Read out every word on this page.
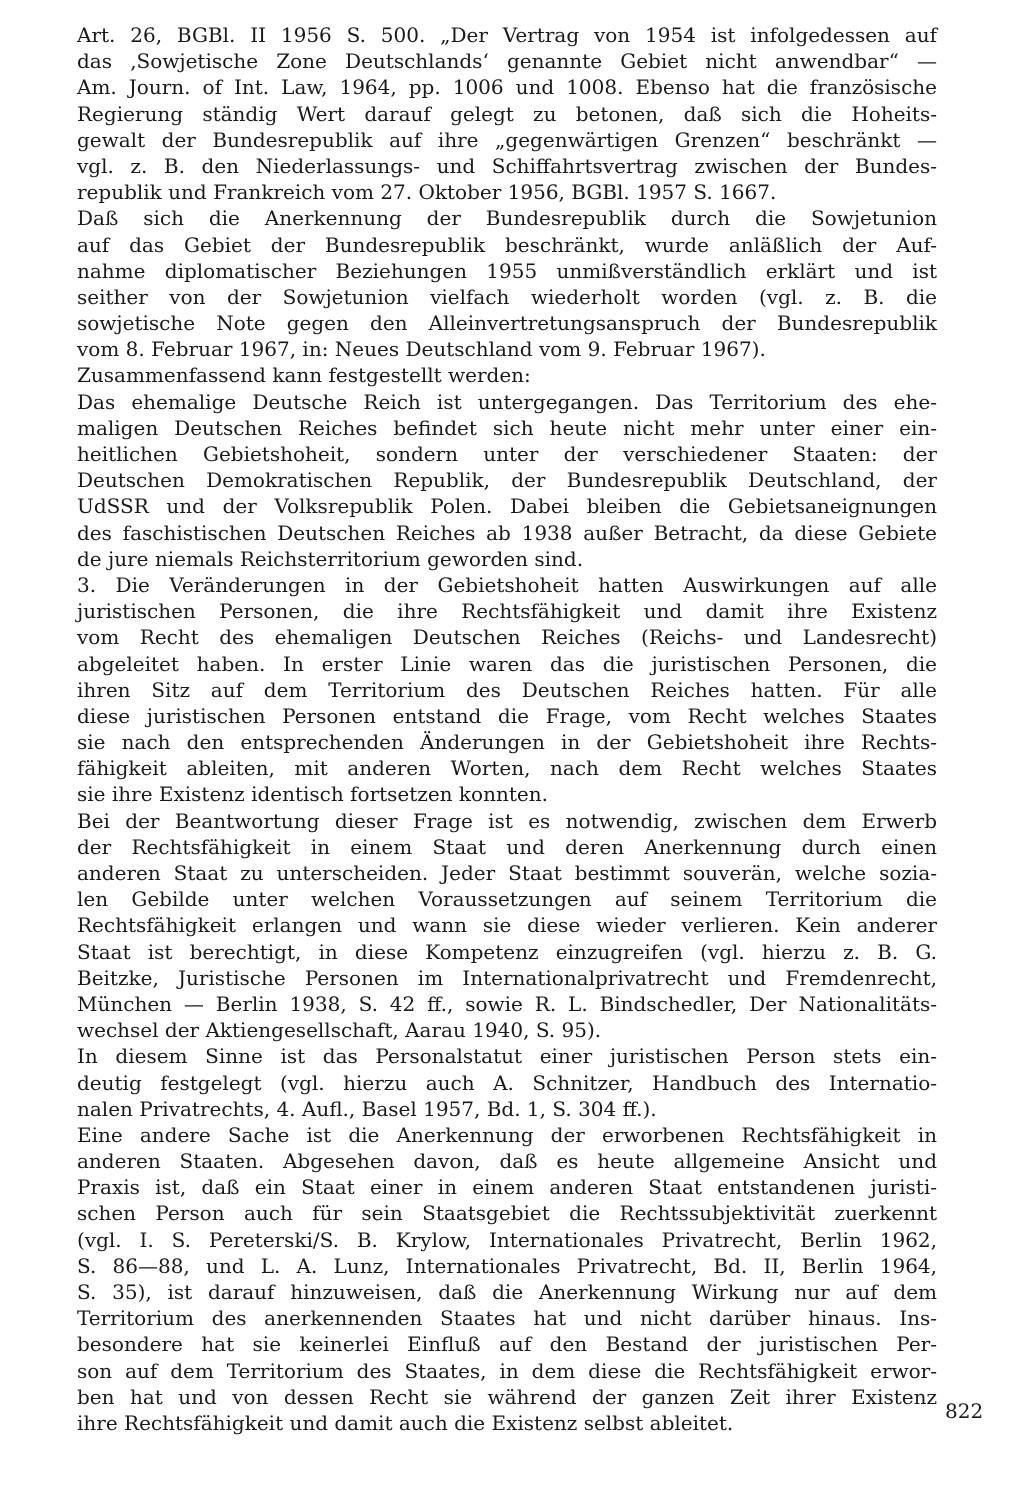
Art. 26, BGBl. II 1956 S. 500. „Der Vertrag von 1954 ist infolgedessen auf
das ‚Sowjetische Zone Deutschlands‘ genannte Gebiet nicht anwendbar“ —
Am. Journ. of Int. Law, 1964, pp. 1006 und 1008. Ebenso hat die französische
Regierung ständig Wert darauf gelegt zu betonen, daß sich die Hoheits-
gewalt der Bundesrepublik auf ihre „gegenwärtigen Grenzen“ beschränkt —
vgl. z. B. den Niederlassungs- und Schiffahrtsvertrag zwischen der Bundes-
republik und Frankreich vom 27. Oktober 1956, BGBl. 1957 S. 1667.
Daß sich die Anerkennung der Bundesrepublik durch die Sowjetunion
auf das Gebiet der Bundesrepublik beschränkt, wurde anläßlich der Auf-
nahme diplomatischer Beziehungen 1955 unmißverständlich erklärt und ist
seither von der Sowjetunion vielfach wiederholt worden (vgl. z. B. die
sowjetische Note gegen den Alleinvertretungsanspruch der Bundesrepublik
vom 8. Februar 1967, in: Neues Deutschland vom 9. Februar 1967).
Zusammenfassend kann festgestellt werden:
Das ehemalige Deutsche Reich ist untergegangen. Das Territorium des ehe-
maligen Deutschen Reiches befindet sich heute nicht mehr unter einer ein-
heitlichen Gebietshoheit, sondern unter der verschiedener Staaten: der
Deutschen Demokratischen Republik, der Bundesrepublik Deutschland, der
UdSSR und der Volksrepublik Polen. Dabei bleiben die Gebietsaneignungen
des faschistischen Deutschen Reiches ab 1938 außer Betracht, da diese Gebiete
de jure niemals Reichsterritorium geworden sind.
3. Die Veränderungen in der Gebietshoheit hatten Auswirkungen auf alle
juristischen Personen, die ihre Rechtsfähigkeit und damit ihre Existenz
vom Recht des ehemaligen Deutschen Reiches (Reichs- und Landesrecht)
abgeleitet haben. In erster Linie waren das die juristischen Personen, die
ihren Sitz auf dem Territorium des Deutschen Reiches hatten. Für alle
diese juristischen Personen entstand die Frage, vom Recht welches Staates
sie nach den entsprechenden Änderungen in der Gebietshoheit ihre Rechts-
fähigkeit ableiten, mit anderen Worten, nach dem Recht welches Staates
sie ihre Existenz identisch fortsetzen konnten.
Bei der Beantwortung dieser Frage ist es notwendig, zwischen dem Erwerb
der Rechtsfähigkeit in einem Staat und deren Anerkennung durch einen
anderen Staat zu unterscheiden. Jeder Staat bestimmt souverän, welche sozia-
len Gebilde unter welchen Voraussetzungen auf seinem Territorium die
Rechtsfähigkeit erlangen und wann sie diese wieder verlieren. Kein anderer
Staat ist berechtigt, in diese Kompetenz einzugreifen (vgl. hierzu z. B. G.
Beitzke, Juristische Personen im Internationalprivatrecht und Fremdenrecht,
München — Berlin 1938, S. 42 ff., sowie R. L. Bindschedler, Der Nationalitäts-
wechsel der Aktiengesellschaft, Aarau 1940, S. 95).
In diesem Sinne ist das Personalstatut einer juristischen Person stets ein-
deutig festgelegt (vgl. hierzu auch A. Schnitzer, Handbuch des Internatio-
nalen Privatrechts, 4. Aufl., Basel 1957, Bd. 1, S. 304 ff.).
Eine andere Sache ist die Anerkennung der erworbenen Rechtsfähigkeit in
anderen Staaten. Abgesehen davon, daß es heute allgemeine Ansicht und
Praxis ist, daß ein Staat einer in einem anderen Staat entstandenen juristi-
schen Person auch für sein Staatsgebiet die Rechtssubjektivität zuerkennt
(vgl. I. S. Pereterski/S. B. Krylow, Internationales Privatrecht, Berlin 1962,
S. 86—88, und L. A. Lunz, Internationales Privatrecht, Bd. II, Berlin 1964,
S. 35), ist darauf hinzuweisen, daß die Anerkennung Wirkung nur auf dem
Territorium des anerkennenden Staates hat und nicht darüber hinaus. Ins-
besondere hat sie keinerlei Einfluß auf den Bestand der juristischen Per-
son auf dem Territorium des Staates, in dem diese die Rechtsfähigkeit erwor-
ben hat und von dessen Recht sie während der ganzen Zeit ihrer Existenz
ihre Rechtsfähigkeit und damit auch die Existenz selbst ableitet.	822
